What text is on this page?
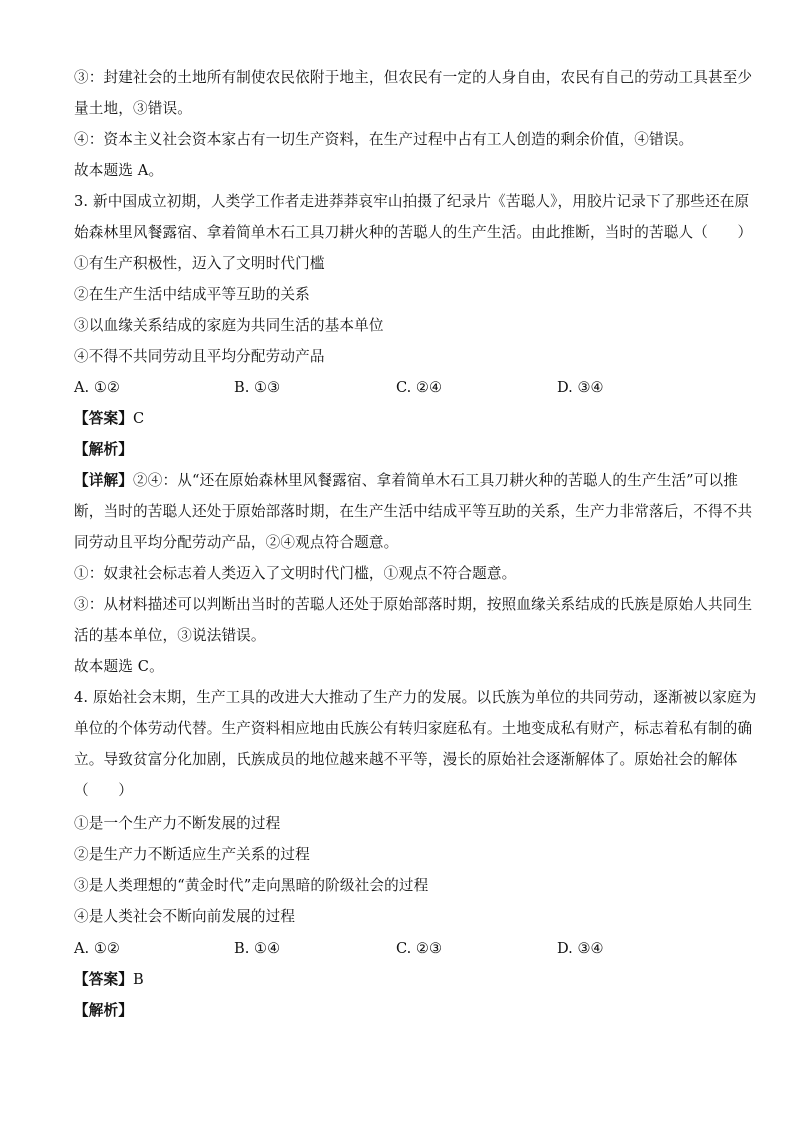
③：封建社会的土地所有制使农民依附于地主，但农民有一定的人身自由，农民有自己的劳动工具甚至少
量土地，③错误。
④：资本主义社会资本家占有一切生产资料，在生产过程中占有工人创造的剩余价值，④错误。
故本题选 A。
3. 新中国成立初期，人类学工作者走进莽莽哀牢山拍摄了纪录片《苦聪人》，用胶片记录下了那些还在原
始森林里风餐露宿、拿着简单木石工具刀耕火种的苦聪人的生产生活。由此推断，当时的苦聪人（　　）
①有生产积极性，迈入了文明时代门槛
②在生产生活中结成平等互助的关系
③以血缘关系结成的家庭为共同生活的基本单位
④不得不共同劳动且平均分配劳动产品
A. ①②	B. ①③	C. ②④	D. ③④
【答案】C
【解析】
【详解】②④：从“还在原始森林里风餐露宿、拿着简单木石工具刀耕火种的苦聪人的生产生活”可以推
断，当时的苦聪人还处于原始部落时期，在生产生活中结成平等互助的关系，生产力非常落后，不得不共
同劳动且平均分配劳动产品，②④观点符合题意。
①：奴隶社会标志着人类迈入了文明时代门槛，①观点不符合题意。
③：从材料描述可以判断出当时的苦聪人还处于原始部落时期，按照血缘关系结成的氏族是原始人共同生
活的基本单位，③说法错误。
故本题选 C。
4. 原始社会末期，生产工具的改进大大推动了生产力的发展。以氏族为单位的共同劳动，逐渐被以家庭为
单位的个体劳动代替。生产资料相应地由氏族公有转归家庭私有。土地变成私有财产，标志着私有制的确
立。导致贫富分化加剧，氏族成员的地位越来越不平等，漫长的原始社会逐渐解体了。原始社会的解体
（　　）
①是一个生产力不断发展的过程
②是生产力不断适应生产关系的过程
③是人类理想的“黄金时代”走向黑暗的阶级社会的过程
④是人类社会不断向前发展的过程
A. ①②	B. ①④	C. ②③	D. ③④
【答案】B
【解析】
